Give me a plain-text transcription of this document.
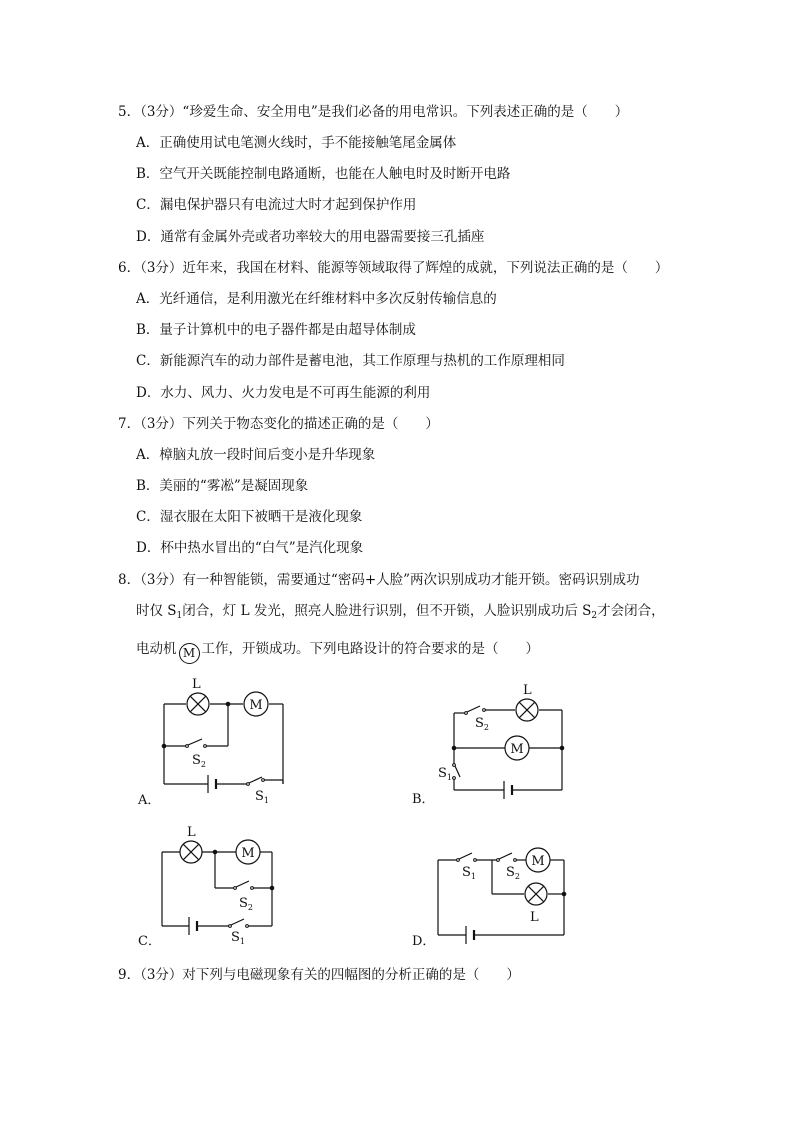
5．（3分）“珍爱生命、安全用电”是我们必备的用电常识。下列表述正确的是（　　）
A．正确使用试电笔测火线时，手不能接触笔尾金属体
B．空气开关既能控制电路通断，也能在人触电时及时断开电路
C．漏电保护器只有电流过大时才起到保护作用
D．通常有金属外壳或者功率较大的用电器需要接三孔插座
6．（3分）近年来，我国在材料、能源等领域取得了辉煌的成就，下列说法正确的是（　　）
A．光纤通信，是利用激光在纤维材料中多次反射传输信息的
B．量子计算机中的电子器件都是由超导体制成
C．新能源汽车的动力部件是蓄电池，其工作原理与热机的工作原理相同
D．水力、风力、火力发电是不可再生能源的利用
7．（3分）下列关于物态变化的描述正确的是（　　）
A．樟脑丸放一段时间后变小是升华现象
B．美丽的“雾凇”是凝固现象
C．湿衣服在太阳下被晒干是液化现象
D．杯中热水冒出的“白气”是汽化现象
8．（3分）有一种智能锁，需要通过“密码+人脸”两次识别成功才能开锁。密码识别成功
时仅 $S_1$闭合，灯 L 发光，照亮人脸进行识别，但不开锁，人脸识别成功后 $S_2$才会闭合，
电动机 M 工作，开锁成功。下列电路设计的符合要求的是（　　）
M
L
$S_2$
$S_1$
A．
M
L
$S_2$
$S_1$
B．
M
L
$S_2$
$S_1$
C．
M
$S_1$ $S_2$
L
D．
9．（3分）对下列与电磁现象有关的四幅图的分析正确的是（　　）
